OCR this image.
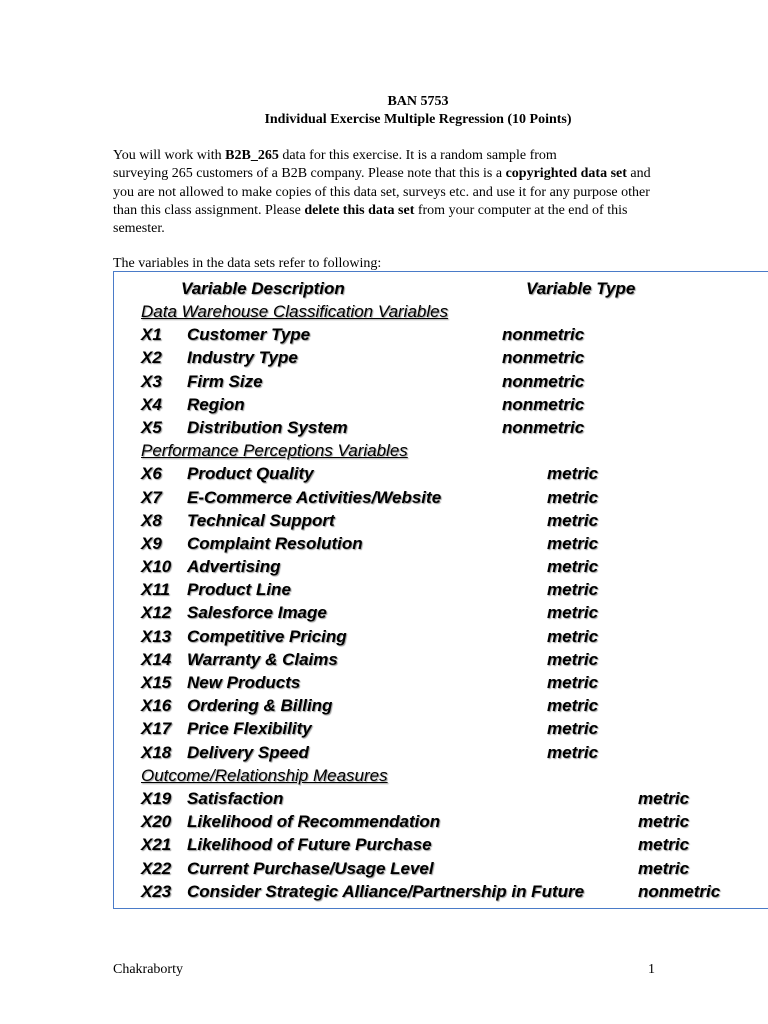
BAN 5753
Individual Exercise Multiple Regression (10 Points)
You will work with B2B_265 data for this exercise. It is a random sample from
surveying 265 customers of a B2B company. Please note that this is a copyrighted data set and
you are not allowed to make copies of this data set, surveys etc. and use it for any purpose other
than this class assignment. Please delete this data set from your computer at the end of this
semester.
The variables in the data sets refer to following:
Variable Description	Variable Type
Data Warehouse Classification Variables
X1 Customer Type	nonmetric
X2 Industry Type	nonmetric
X3 Firm Size	nonmetric
X4 Region	nonmetric
X5 Distribution System	nonmetric
Performance Perceptions Variables
X6 Product Quality	metric
X7 E-Commerce Activities/Website	metric
X8 Technical Support	metric
X9 Complaint Resolution	metric
X10 Advertising	metric
X11 Product Line	metric
X12 Salesforce Image	metric
X13 Competitive Pricing	metric
X14 Warranty & Claims	metric
X15 New Products	metric
X16 Ordering & Billing	metric
X17 Price Flexibility	metric
X18 Delivery Speed	metric
Outcome/Relationship Measures
X19 Satisfaction	metric
X20 Likelihood of Recommendation	metric
X21 Likelihood of Future Purchase	metric
X22 Current Purchase/Usage Level	metric
X23 Consider Strategic Alliance/Partnership in Future	nonmetric
Chakraborty	1
